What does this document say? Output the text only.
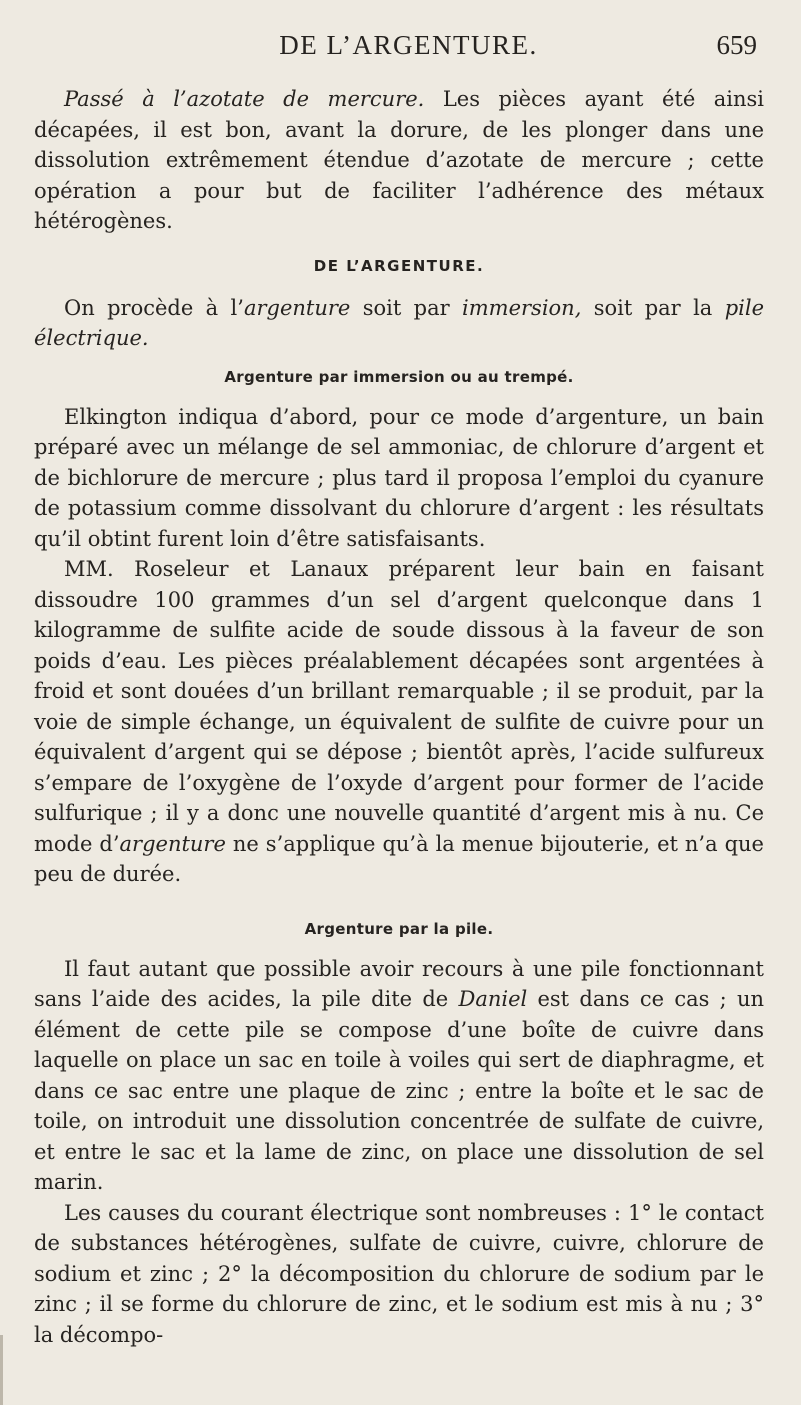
DE L’ARGENTURE.	659

Passé à l’azotate de mercure. Les pièces ayant été ainsi décapées, il est bon, avant la dorure, de les plonger dans une dissolution extrêmement étendue d’azotate de mercure ; cette opération a pour but de faciliter l’adhérence des métaux hétérogènes.

DE L’ARGENTURE.

On procède à l’argenture soit par immersion, soit par la pile électrique.

Argenture par immersion ou au trempé.

Elkington indiqua d’abord, pour ce mode d’argenture, un bain préparé avec un mélange de sel ammoniac, de chlorure d’argent et de bichlorure de mercure ; plus tard il proposa l’emploi du cyanure de potassium comme dissolvant du chlorure d’argent : les résultats qu’il obtint furent loin d’être satisfaisants.

MM. Roseleur et Lanaux préparent leur bain en faisant dissoudre 100 grammes d’un sel d’argent quelconque dans 1 kilogramme de sulfite acide de soude dissous à la faveur de son poids d’eau. Les pièces préalablement décapées sont argentées à froid et sont douées d’un brillant remarquable ; il se produit, par la voie de simple échange, un équivalent de sulfite de cuivre pour un équivalent d’argent qui se dépose ; bientôt après, l’acide sulfureux s’empare de l’oxygène de l’oxyde d’argent pour former de l’acide sulfurique ; il y a donc une nouvelle quantité d’argent mis à nu. Ce mode d’argenture ne s’applique qu’à la menue bijouterie, et n’a que peu de durée.

Argenture par la pile.

Il faut autant que possible avoir recours à une pile fonctionnant sans l’aide des acides, la pile dite de Daniel est dans ce cas ; un élément de cette pile se compose d’une boîte de cuivre dans laquelle on place un sac en toile à voiles qui sert de diaphragme, et dans ce sac entre une plaque de zinc ; entre la boîte et le sac de toile, on introduit une dissolution concentrée de sulfate de cuivre, et entre le sac et la lame de zinc, on place une dissolution de sel marin.

Les causes du courant électrique sont nombreuses : 1° le contact de substances hétérogènes, sulfate de cuivre, cuivre, chlorure de sodium et zinc ; 2° la décomposition du chlorure de sodium par le zinc ; il se forme du chlorure de zinc, et le sodium est mis à nu ; 3° la décompo-
